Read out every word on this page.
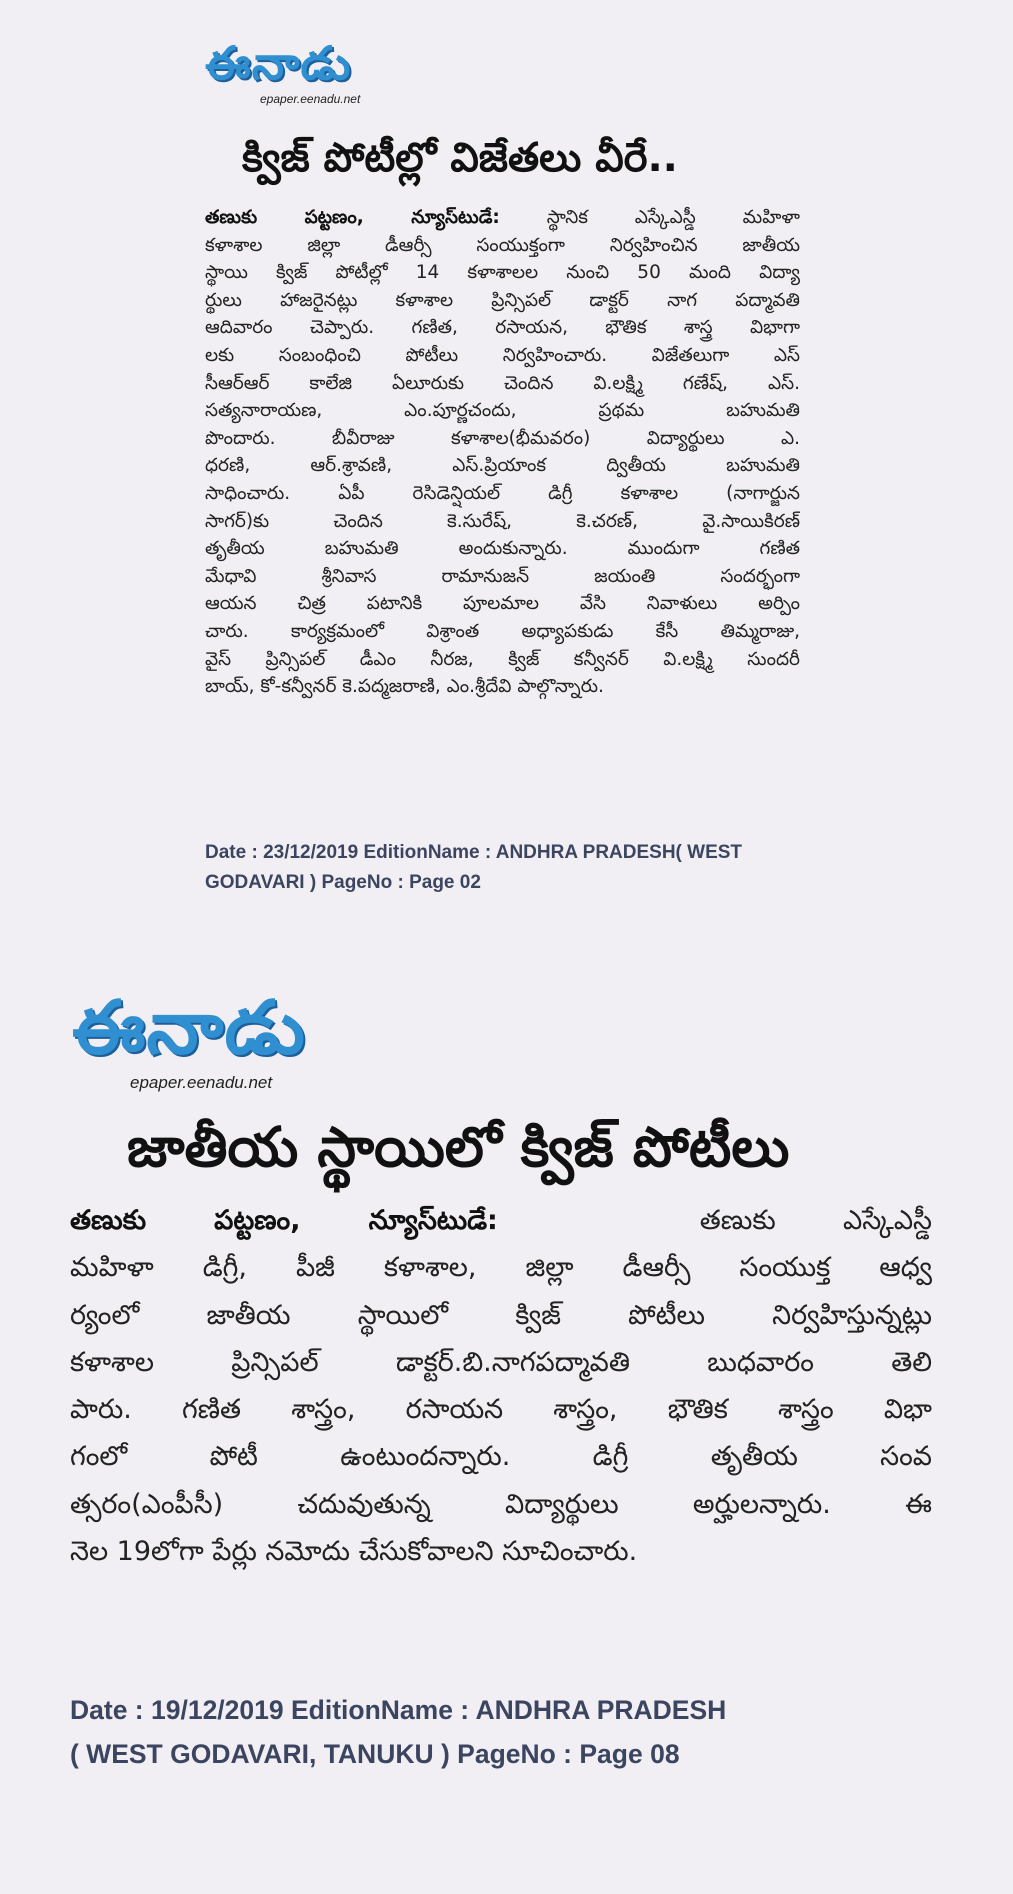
ఈనాడు
epaper.eenadu.net
క్విజ్ పోటీల్లో విజేతలు వీరే..
తణుకు పట్టణం, న్యూస్‌టుడే:	స్థానిక ఎస్కేఎస్డీ మహిళా
కళాశాల జిల్లా డీఆర్సీ సంయుక్తంగా నిర్వహించిన జాతీయ
స్థాయి క్విజ్ పోటీల్లో 14 కళాశాలల నుంచి 50 మంది విద్యా
ర్థులు హాజరైనట్లు కళాశాల ప్రిన్సిపల్ డాక్టర్ నాగ పద్మావతి
ఆదివారం చెప్పారు. గణిత, రసాయన, భౌతిక శాస్త్ర విభాగా
లకు సంబంధించి పోటీలు నిర్వహించారు. విజేతలుగా ఎస్
సీఆర్ఆర్ కాలేజి ఏలూరుకు చెందిన వి.లక్ష్మి గణేష్, ఎస్.
సత్యనారాయణ, ఎం.పూర్ణచందు, ప్రథమ బహుమతి
పొందారు. బీవీరాజు కళాశాల(భీమవరం) విద్యార్థులు ఎ.
ధరణి, ఆర్.శ్రావణి, ఎస్.ప్రియాంక ద్వితీయ బహుమతి
సాధించారు. ఏపీ రెసిడెన్షియల్ డిగ్రీ కళాశాల (నాగార్జున
సాగర్)కు చెందిన కె.సురేష్, కె.చరణ్, వై.సాయికిరణ్
తృతీయ బహుమతి అందుకున్నారు. ముందుగా గణిత
మేధావి శ్రీనివాస రామానుజన్ జయంతి సందర్భంగా
ఆయన చిత్ర పటానికి పూలమాల వేసి నివాళులు అర్పిం
చారు. కార్యక్రమంలో విశ్రాంత అధ్యాపకుడు కేసీ తిమ్మరాజు,
వైస్ ప్రిన్సిపల్ డీఎం నీరజ, క్విజ్ కన్వీనర్ వి.లక్ష్మి సుందరీ
బాయ్, కో-కన్వీనర్ కె.పద్మజరాణి, ఎం.శ్రీదేవి పాల్గొన్నారు.
Date : 23/12/2019 EditionName : ANDHRA PRADESH( WEST
GODAVARI ) PageNo : Page 02
ఈనాడు
epaper.eenadu.net
జాతీయ స్థాయిలో క్విజ్ పోటీలు
తణుకు పట్టణం, న్యూస్‌టుడే:	తణుకు ఎస్కేఎస్డీ
మహిళా డిగ్రీ, పీజీ కళాశాల, జిల్లా డీఆర్సీ సంయుక్త ఆధ్వ
ర్యంలో జాతీయ స్థాయిలో క్విజ్ పోటీలు నిర్వహిస్తున్నట్లు
కళాశాల ప్రిన్సిపల్ డాక్టర్.బి.నాగపద్మావతి బుధవారం తెలి
పారు. గణిత శాస్త్రం, రసాయన శాస్త్రం, భౌతిక శాస్త్రం విభా
గంలో పోటీ ఉంటుందన్నారు. డిగ్రీ తృతీయ సంవ
త్సరం(ఎంపీసీ) చదువుతున్న విద్యార్థులు అర్హులన్నారు. ఈ
నెల 19లోగా పేర్లు నమోదు చేసుకోవాలని సూచించారు.
Date : 19/12/2019 EditionName : ANDHRA PRADESH
( WEST GODAVARI, TANUKU ) PageNo : Page 08
